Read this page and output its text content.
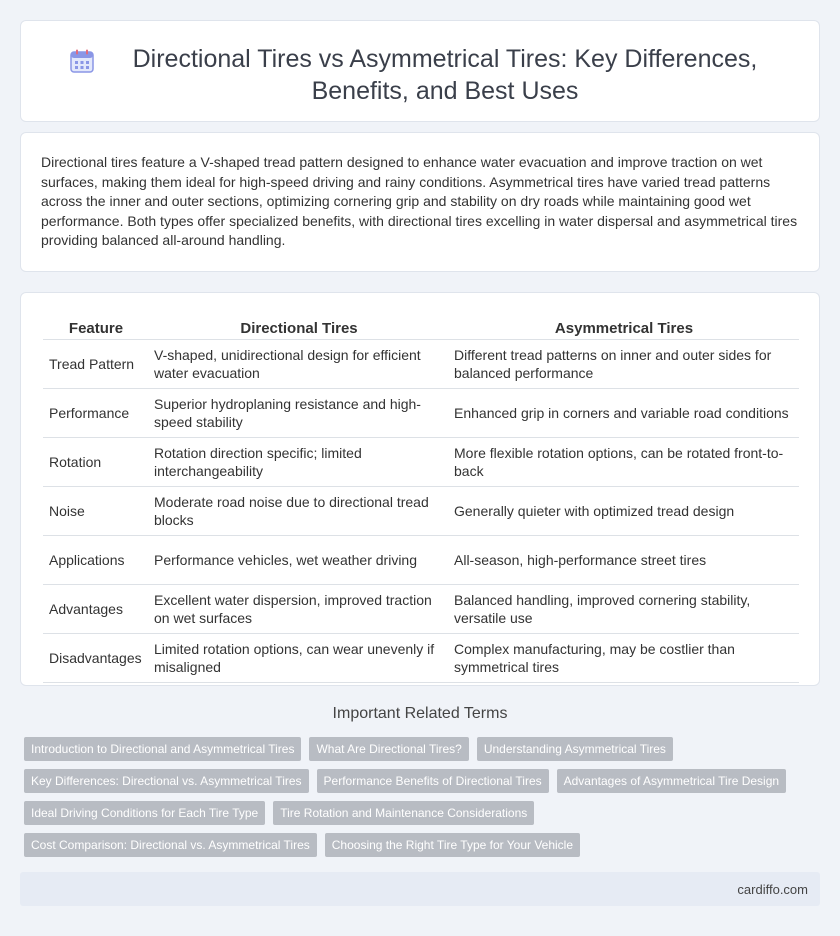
Directional Tires vs Asymmetrical Tires: Key Differences, Benefits, and Best Uses

Directional tires feature a V-shaped tread pattern designed to enhance water evacuation and improve traction on wet surfaces, making them ideal for high-speed driving and rainy conditions. Asymmetrical tires have varied tread patterns across the inner and outer sections, optimizing cornering grip and stability on dry roads while maintaining good wet performance. Both types offer specialized benefits, with directional tires excelling in water dispersal and asymmetrical tires providing balanced all-around handling.

Feature	Directional Tires	Asymmetrical Tires
Tread Pattern	V-shaped, unidirectional design for efficient water evacuation	Different tread patterns on inner and outer sides for balanced performance
Performance	Superior hydroplaning resistance and high-speed stability	Enhanced grip in corners and variable road conditions
Rotation	Rotation direction specific; limited interchangeability	More flexible rotation options, can be rotated front-to-back
Noise	Moderate road noise due to directional tread blocks	Generally quieter with optimized tread design
Applications	Performance vehicles, wet weather driving	All-season, high-performance street tires
Advantages	Excellent water dispersion, improved traction on wet surfaces	Balanced handling, improved cornering stability, versatile use
Disadvantages	Limited rotation options, can wear unevenly if misaligned	Complex manufacturing, may be costlier than symmetrical tires
Important Related Terms
Introduction to Directional and Asymmetrical Tires	What Are Directional Tires?	Understanding Asymmetrical Tires
Key Differences: Directional vs. Asymmetrical Tires	Performance Benefits of Directional Tires	Advantages of Asymmetrical Tire Design
Ideal Driving Conditions for Each Tire Type	Tire Rotation and Maintenance Considerations
Cost Comparison: Directional vs. Asymmetrical Tires	Choosing the Right Tire Type for Your Vehicle
cardiffo.com
